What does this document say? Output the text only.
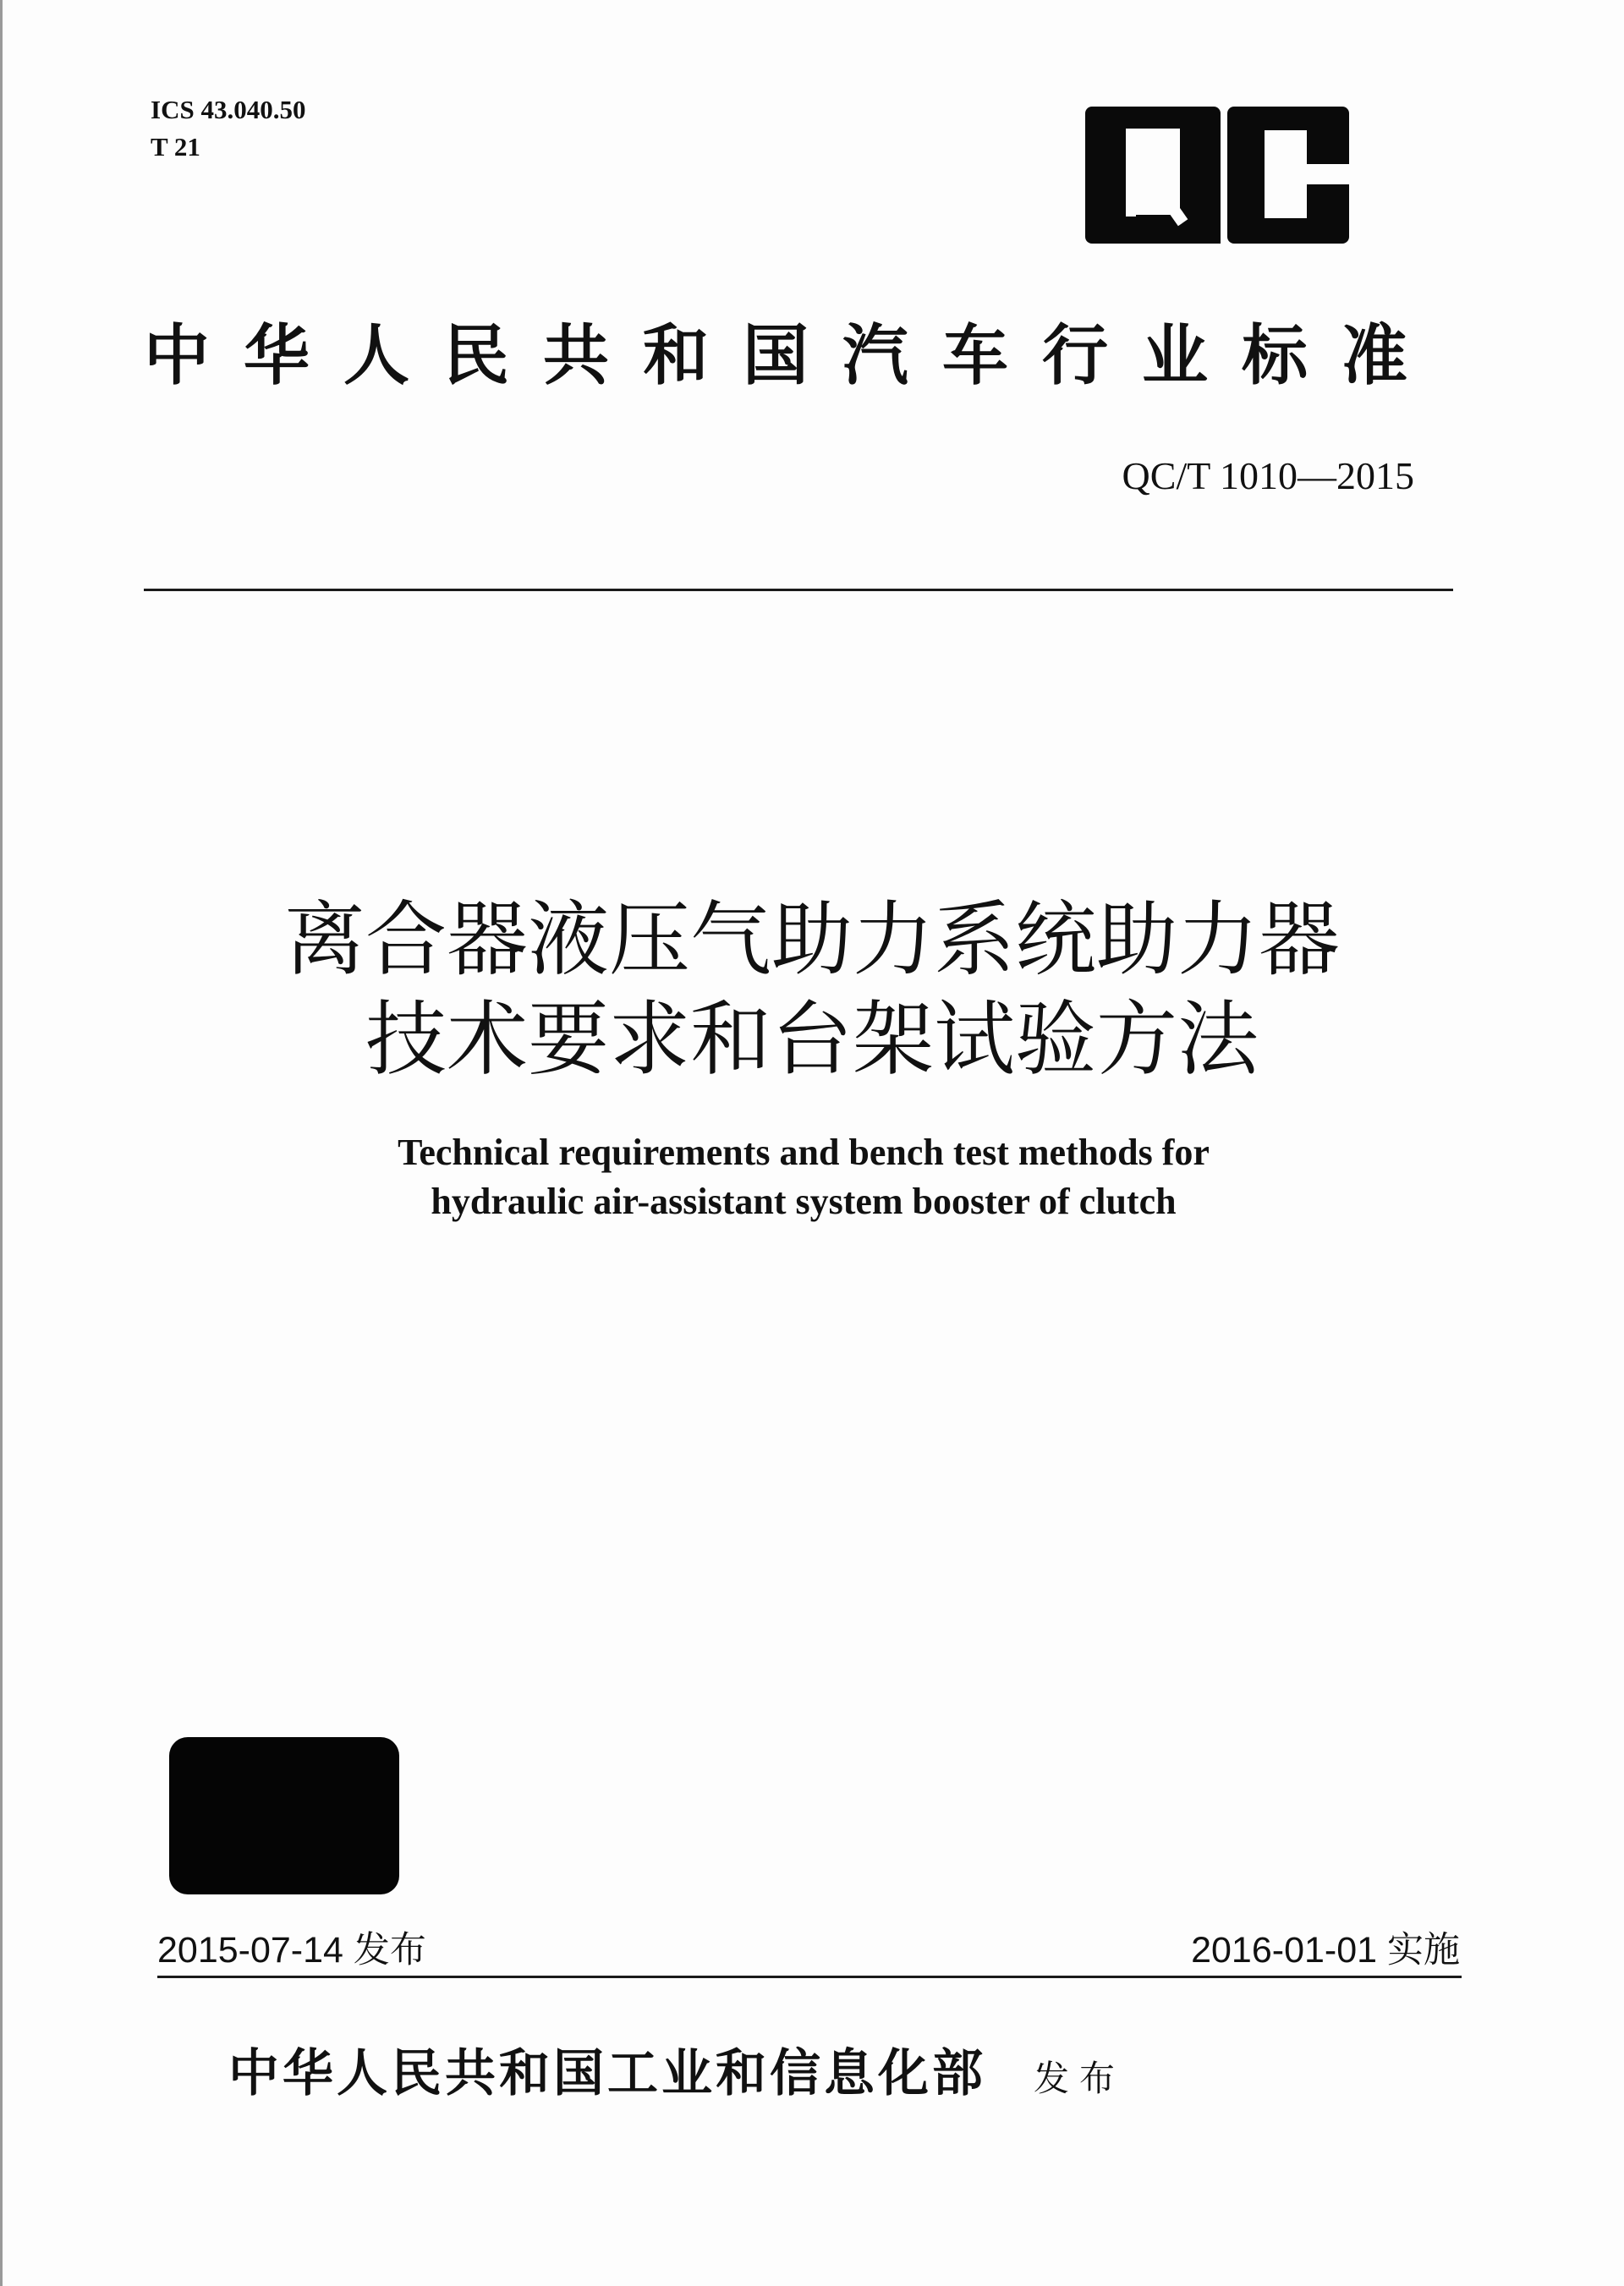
ICS 43.040.50
T 21
中华人民共和国汽车行业标准
QC/T 1010—2015
离合器液压气助力系统助力器
技术要求和台架试验方法
Technical requirements and bench test methods for
hydraulic air-assistant system booster of clutch
2015-07-14 发布	2016-01-01 实施
中华人民共和国工业和信息化部 发布
